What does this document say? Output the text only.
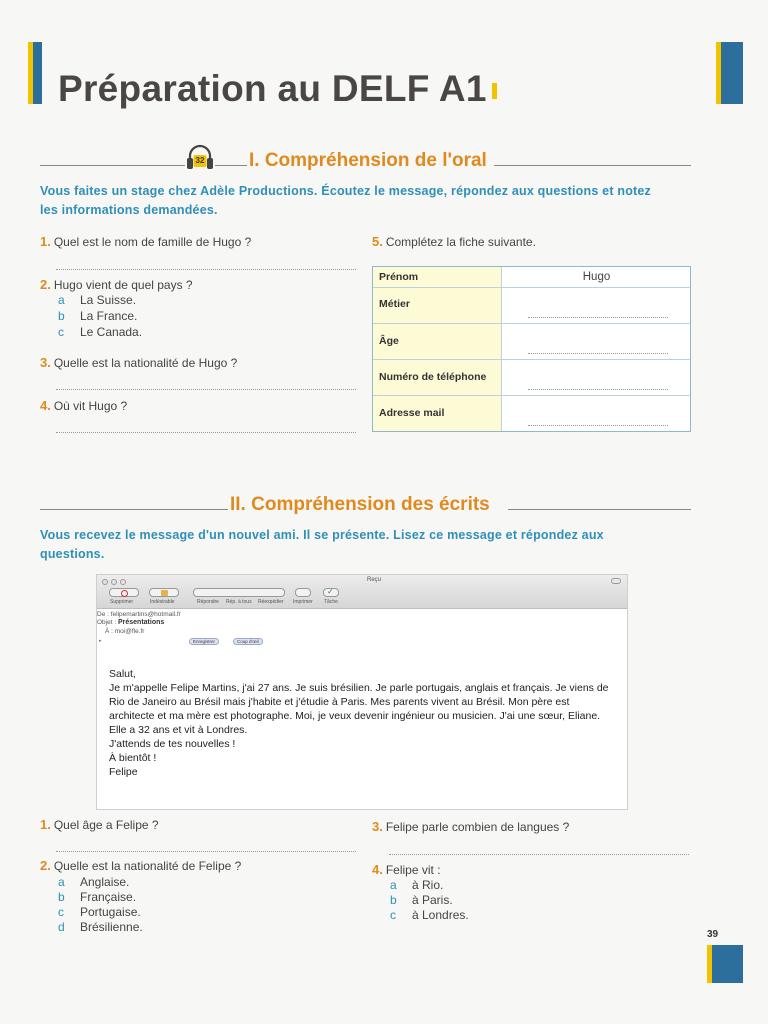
Préparation au DELF A1
32 I. Compréhension de l'oral
Vous faites un stage chez Adèle Productions. Écoutez le message, répondez aux questions et notez les informations demandées.
1. Quel est le nom de famille de Hugo ?
2. Hugo vient de quel pays ?
a La Suisse.
b La France.
c Le Canada.
3. Quelle est la nationalité de Hugo ?
4. Où vit Hugo ?
5. Complétez la fiche suivante.
Prénom	Hugo
Métier
Âge
Numéro de téléphone
Adresse mail
II. Compréhension des écrits
Vous recevez le message d'un nouvel ami. Il se présente. Lisez ce message et répondez aux questions.
Reçu
✓
Supprimer	Indésirable	Répondre Rép. à tous Réexpédier Imprimer Tâche
De : felipemartins@hotmail.fr
Objet : Présentations
À : moi@fle.fr
▸	Enregistrer	Coup d'œil

Salut,

Je m'appelle Felipe Martins, j'ai 27 ans. Je suis brésilien. Je parle portugais, anglais et français. Je viens de Rio de Janeiro au Brésil mais j'habite et j'étudie à Paris. Mes parents vivent au Brésil. Mon père est architecte et ma mère est photographe. Moi, je veux devenir ingénieur ou musicien. J'ai une sœur, Eliane. Elle a 32 ans et vit à Londres.

J'attends de tes nouvelles !

À bientôt !

Felipe

1. Quel âge a Felipe ?
2. Quelle est la nationalité de Felipe ?
a Anglaise.
b Française.
c Portugaise.
d Brésilienne.
3. Felipe parle combien de langues ?
4. Felipe vit :
a à Rio.
b à Paris.
c à Londres.
39
